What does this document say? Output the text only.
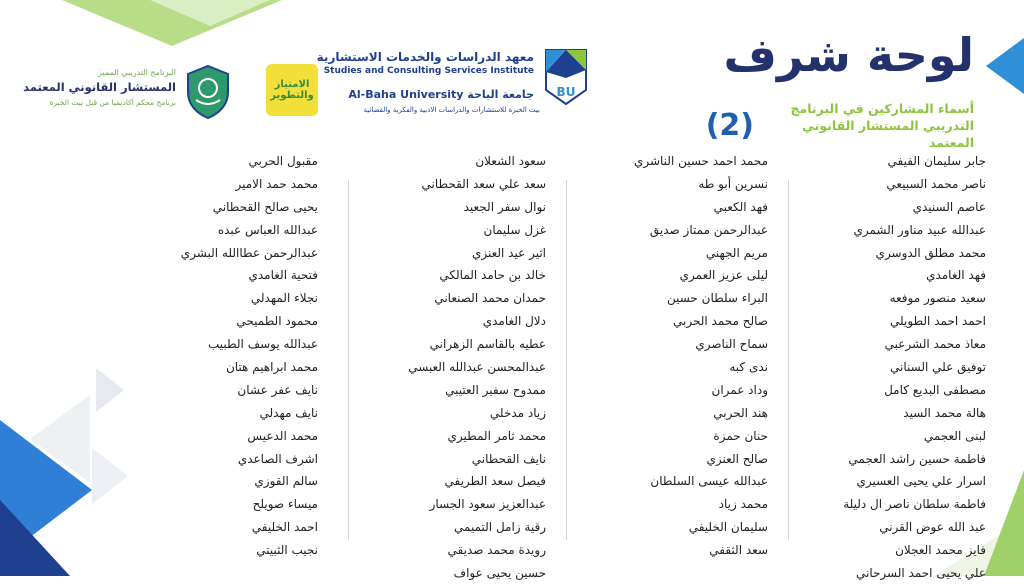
لوحة شرف
أسماء المشاركين في البرنامج التدريبي المستشار القانوني المعتمد
(2)
BU
معهد الدراسات والخدمات الاستشارية
Studies and Consulting Services Institute
Al-Baha University جامعة الباحة
بيت الخبرة للاستشارات والدراسات الادبية والفكرية والقضائية
الامتياز والتطوير
البرنامج التدريبي المميز
المستشار القانوني المعتمد
برنامج محكم أكاديميا من قبل بيت الخبرة
جابر سليمان الفيفي
ناصر محمد السبيعي
عاصم السنيدي
عبدالله عبيد مناور الشمري
محمد مطلق الدوسري
فهد الغامدي
سعيد منصور موفعه
احمد احمد الطويلي
معاذ محمد الشرعبي
توفيق علي السناني
مصطفى البديع كامل
هالة محمد السيد
لبنى العجمي
فاطمة حسين راشد العجمي
اسرار علي يحيى العسيري
فاطمة سلطان ناصر ال دليلة
عبد الله عوض القرني
فايز محمد العجلان
علي يحيى احمد السرحاني
محمد احمد حسين الناشري
نسرين أبو طه
فهد الكعبي
عبدالرحمن ممتاز صديق
مريم الجهني
ليلى عزيز العمري
البراء سلطان حسين
صالح محمد الحربي
سماح الناصري
ندى كبه
وداد عمران
هند الحربي
حنان حمزة
صالح العنزي
عبدالله عيسى السلطان
محمد زياد
سليمان الخليفي
سعد الثقفي
سعود الشعلان
سعد علي سعد القحطاني
نوال سفر الجعيد
غزل سليمان
اثير عيد العنزي
خالد بن حامد المالكي
حمدان محمد الصنعاني
دلال الغامدي
عطيه بالقاسم الزهراني
عبدالمحسن عبدالله العبسي
ممدوح سفير العتيبي
زياد مدخلي
محمد ثامر المطيري
نايف القحطاني
فيصل سعد الطريفي
عبدالعزيز سعود الجسار
رقية زامل التميمي
رويدة محمد صديقي
حسين يحيى عواف
مقبول الحربي
محمد حمد الامير
يحيى صالح القحطاني
عبدالله العباس عبده
عبدالرحمن عطاالله البشري
فتحية الغامدي
نجلاء المهدلي
محمود الطميحي
عبدالله يوسف الطبيب
محمد ابراهيم هتان
نايف عفر عشان
نايف مهدلي
محمد الدعيس
اشرف الصاعدي
سالم القوزي
ميساء صويلح
احمد الخليفي
نجيب الثبيتي
